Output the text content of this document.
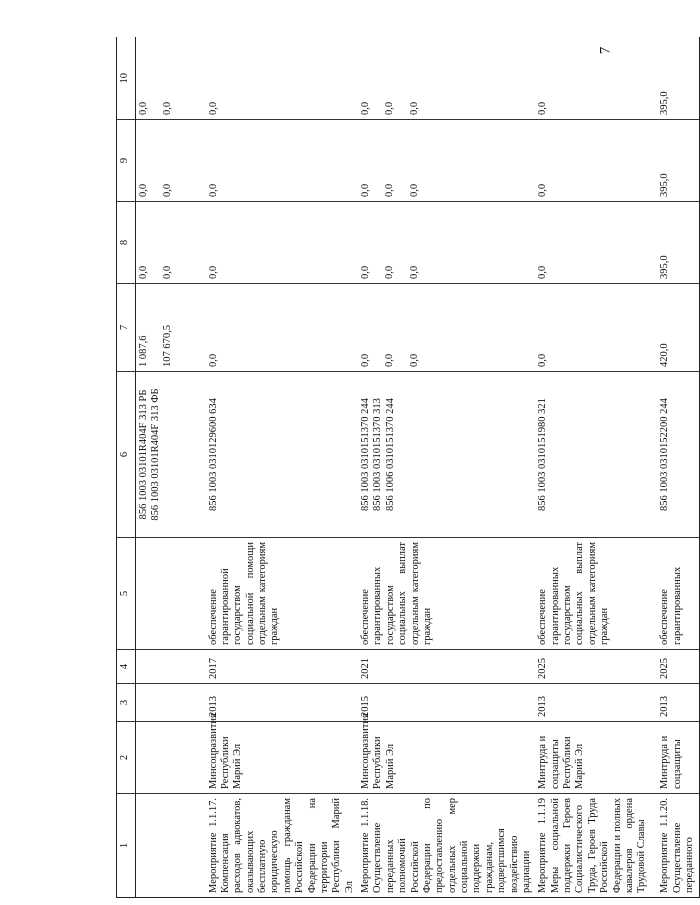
7
1	2	3	4	5	6	7	8	9	10

					856 1003 03101R404F 313 РБ 856 1003 03101R404F 313 ФБ	1 087,6 107 670,5	0,0 0,0	0,0 0,0	0,0 0,0

Мероприятие 1.1.17. Компенсация расходов адвокатов, оказывающих бесплатную юридическую помощь гражданам Российской Федерации на территории Республики Марий Эл	Минсоцразвития Республики Марий Эл	2013	2017	обеспечение гарантированной государством социальной помощи отдельным категориям граждан	856 1003 0310129600 634	0,0	0,0	0,0	0,0
Мероприятие 1.1.18. Осуществление переданных полномочий Российской Федерации по предоставлению отдельных мер социальной поддержки гражданам, подвергшимся воздействию радиации	Минсоцразвития Республики Марий Эл	2015	2021	обеспечение гарантированных государством социальных выплат отдельным категориям граждан	856 1003 0310151370 244 856 1003 0310151370 313 856 1006 0310151370 244	0,0 0,0 0,0	0,0 0,0 0,0	0,0 0,0 0,0	0,0 0,0 0,0

Мероприятие 1.1.19 Меры социальной поддержки Героев Социалистического Труда, Героев Труда Российской Федерации и полных кавалеров ордена Трудовой Славы	Минтруда и соцзащиты Республики Марий Эл	2013	2025	обеспечение гарантированных государством социальных выплат отдельным категориям граждан	856 1003 0310151980 321	0,0	0,0	0,0	0,0
Мероприятие 1.1.20. Осуществление переданного	Минтруда и соцзащиты	2013	2025	обеспечение гарантированных	856 1003 0310152200 244	420,0	395,0	395,0	395,0
